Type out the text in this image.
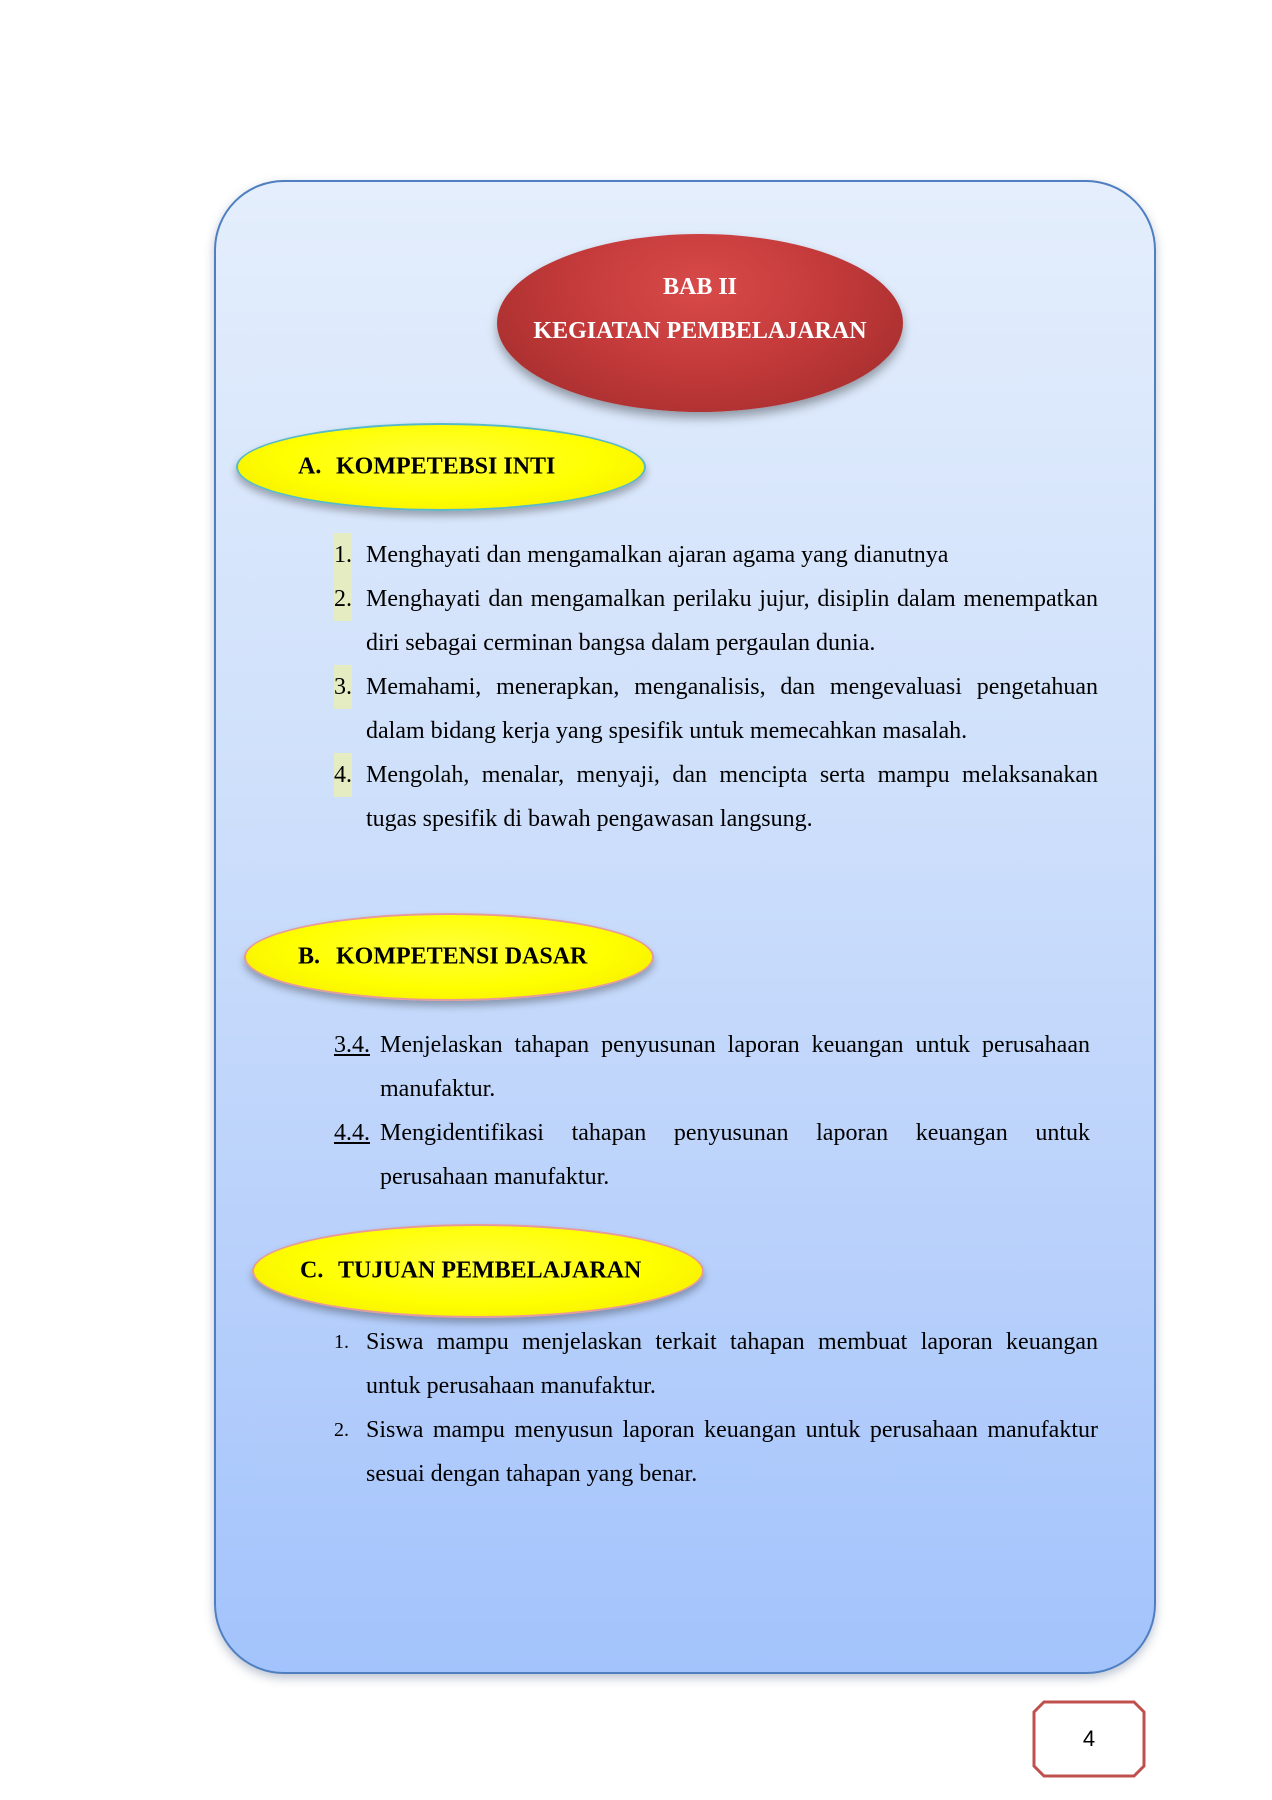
BAB II
KEGIATAN PEMBELAJARAN
A. KOMPETEBSI INTI
1. Menghayati dan mengamalkan ajaran agama yang dianutnya
2. Menghayati dan mengamalkan perilaku jujur, disiplin dalam menempatkan diri sebagai cerminan bangsa dalam pergaulan dunia.
3. Memahami, menerapkan, menganalisis, dan mengevaluasi pengetahuan dalam bidang kerja yang spesifik untuk memecahkan masalah.
4. Mengolah, menalar, menyaji, dan mencipta serta mampu melaksanakan tugas spesifik di bawah pengawasan langsung.
B. KOMPETENSI DASAR
3.4. Menjelaskan tahapan penyusunan laporan keuangan untuk perusahaan manufaktur.
4.4. Mengidentifikasi tahapan penyusunan laporan keuangan untuk perusahaan manufaktur.
C. TUJUAN PEMBELAJARAN
1. Siswa mampu menjelaskan terkait tahapan membuat laporan keuangan untuk perusahaan manufaktur.
2. Siswa mampu menyusun laporan keuangan untuk perusahaan manufaktur sesuai dengan tahapan yang benar.
4
